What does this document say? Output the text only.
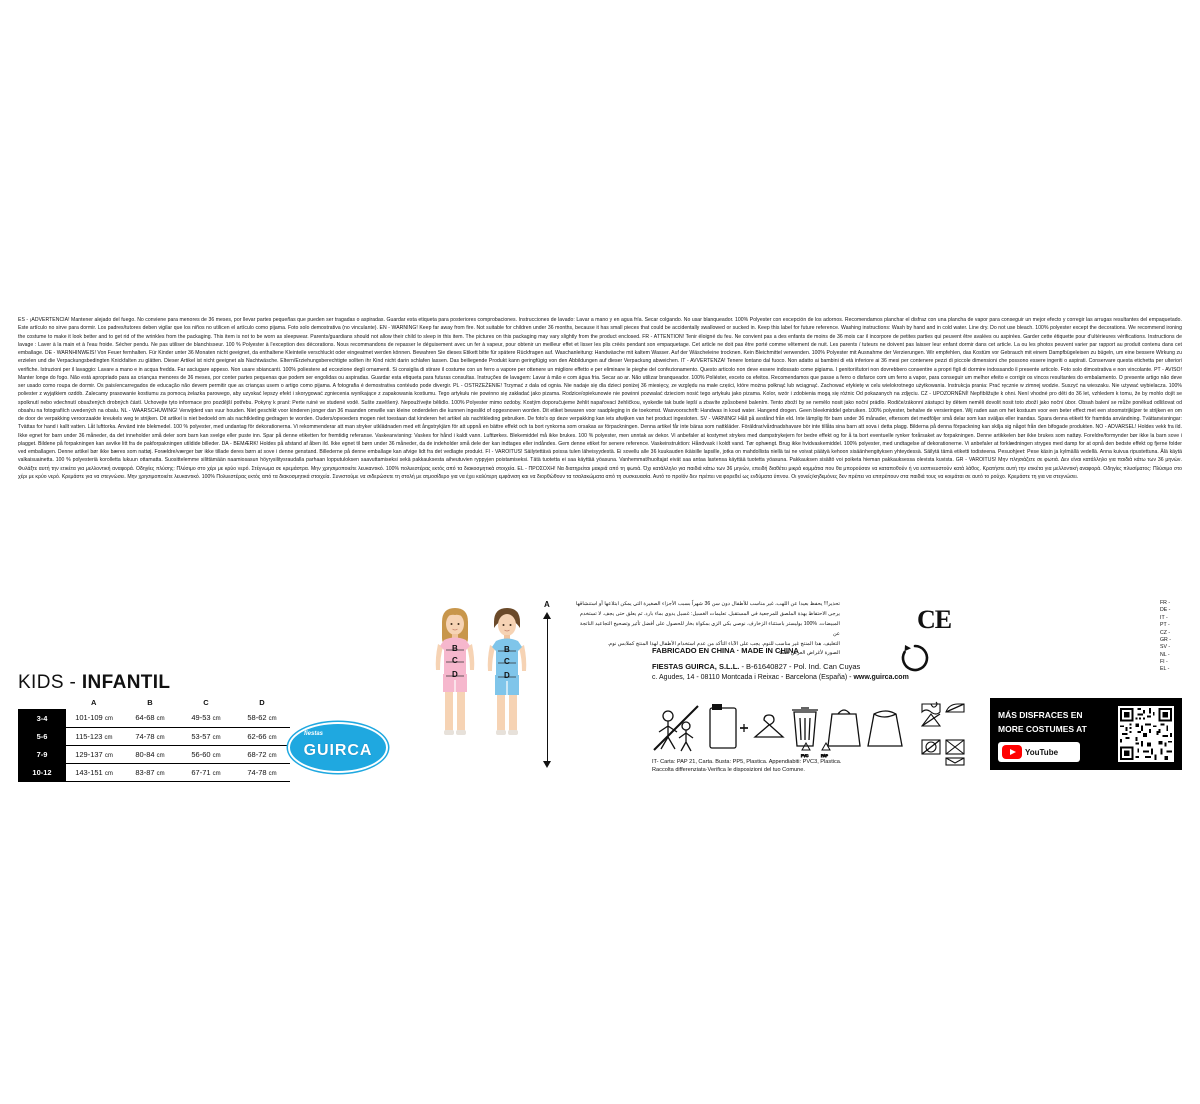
ES - ¡ADVERTENCIA! Mantener alejado del fuego. No conviene para menores de 36 meses, por llevar partes pequeñas que pueden ser tragadas o aspiradas. Guardar esta etiqueta para posteriores comprobaciones. Instrucciones de lavado: Lavar a mano y en agua fría. Secar colgando. No usar blanqueador. 100% Polyester con excepción de los adornos. Recomendamos planchar el disfraz con una plancha de vapor para conseguir un mejor efecto y corregir las arrugas resultantes del empaquetado. Este artículo no sirve para dormir. Los padres/tutores deben vigilar que los niños no utilicen el artículo como pijama. Foto solo demostrativa (no vinculante). EN - WARNING! Keep far away from fire. Not suitable for children under 36 months, because it has small pieces that could be accidentally swallowed or sucked in. Keep this label for future reference. Washing instructions: Wash by hand and in cold water. Line dry. Do not use bleach. 100% polyester except the decorations. We recommend ironing the costume to make it look better and to get rid of the wrinkles from the packaging. This item is not to be worn as sleepwear. Parents/guardians should not allow their child to sleep in this item. The pictures on this packaging may vary slightly from the product enclosed. FR - ATTENTION! Tenir éloigné du feu. Ne convient pas a des enfants de moins de 36 mois car il incorpore de petites parties qui peuvent être avalées ou aspirées. Garder cette étiquette pour d'ultérieures vérifications. Instructions de lavage : Laver à la main et à l'eau froide. Sécher pendu. Ne pas utiliser de blanchisseur. 100 % Polyester à l'exception des décorations. Nous recommandons de repasser le déguisement avec un fer à vapeur, pour obtenir un meilleur effet et lisser les plis créés pendant son empaquetage. Cet article ne doit pas être porté comme vêtement de nuit. Les parents / tuteurs ne doivent pas laisser leur enfant dormir dans cet article. La ou les photos peuvent varier par rapport au produit contenu dans cet emballage. DE - WARNHINWEIS! Von Feuer fernhalten. Für Kinder unter 36 Monaten nicht geeignet, da enthaltene Kleinteile verschluckt oder eingeatmet werden können. Bewahren Sie dieses Etikett bitte für spätere Rückfragen auf. Waschanleitung: Handwäsche mit kaltem Wasser. Auf der Wäscheleine trocknen. Kein Bleichmittel verwenden. 100% Polyester mit Ausnahme der Verzierungen. Wir empfehlen, das Kostüm vor Gebrauch mit einem Dampfbügeleisen zu bügeln, um eine bessere Wirkung zu erzielen und die Verpackungsbedingten Knickfalten zu glätten. Dieser Artikel ist nicht geeignet als Nachtwäsche. Eltern/Erziehungsberechtigte sollten ihr Kind nicht darin schlafen lassen. Das beiliegende Produkt kann geringfügig von den Abbildungen auf dieser Verpackung abweichen. IT - AVVERTENZA! Tenere lontano dal fuoco. Non adatto ai bambini di età inferiore ai 36 mesi per contenere pezzi di piccole dimensioni che possono essere ingeriti o aspirati. Conservare questa etichetta per ulteriori verifiche. Istruzioni per il lavaggio: Lavare a mano e in acqua fredda. Far asciugare appeso. Non usare sbiancanti. 100% poliestere ad eccezione degli ornamenti. Si consiglia di stirare il costume con un ferro a vapore per ottenere un migliore effetto e per eliminare le pieghe del confezionamento. Questo articolo non deve essere indossato come pigiama. I genitori/tutori non dovrebbero consentire a propri figli di dormire indossando il presente articolo. Foto solo dimostrativa e non vincolante. PT - AVISO! Manter longe do fogo. Não está apropriado para as crianças menores de 36 meses, por conter partes pequenas que podem ser engolidas ou aspiradas. Guardar esta etiqueta para futuras consultas. Instruções de lavagem: Lavar à mão e com água fria. Secar ao ar. Não utilizar branqueador. 100% Poliéster, exceto os efeitos. Recomendamos que passe a ferro o disfarce com um ferro a vapor, para conseguir um melhor efeito e corrigir os vincos resultantes do embalamento. O presente artigo não deve ser usado como roupa de dormir. Os pais/encarregados de educação não devem permitir que as crianças usem o artigo como pijama. A fotografia é demostrativa contéudo pode divergir. PL - OSTRZEŻENIE! Trzymać z dala od ognia. Nie nadaje się dla dzieci poniżej 36 miesięcy, ze względu na małe części, które można połknąć lub wciągnąć. Zachować etykietę w celu wielokrotnego użytkowania. Instrukcja prania: Prać ręcznie w zimnej wodzie. Suszyć na wieszaku. Nie używać wybielacza. 100% poliester z wyjątkiem ozdób. Zalecamy prasowanie kostiumu za pomocą żelazka parowego, aby uzyskać lepszy efekt i skorygować zgniecenia wynikające z zapakowania kostiumu. Tego artykułu nie powinno się zakładać jako pizama. Rodzice/opiekunowie nie powinni pozwalać dzieciom nosić tego artykułu jako pizama. Kolor, wzór i zdobienia mogą się różnic Od pokazanych na zdjęciu. CZ - UPOZORNĚNÍ! Nepřibližujte k ohni. Není vhodné pro děti do 36 let, vzhledem k tomu, že by mohlo dojít se spolknutí nebo vdechnutí obsažených drobných částí. Uchovejte tyto informace pro pozdější potřebu. Pokyny k praní: Perte ruiné ve studené vodě. Sušte zavěšený. Nepoužívejte bělidlo. 100% Polyester mimo ozdoby. Kostým doporučujeme žehlit napařovací žehličkou, vyskedie tak bude lepší a zbavíte způsobené balením. Tento zboží by se nemělo nosit jako noční prádlo. Rodiče/zákonní zástupci by dětem neměli dovolit nosit toto zboží jako noční úbor. Obsah balení se může poněkud odlišovat od obsahu na fotografiích uvedených na obalu. NL - WAARSCHUWING! Verwijderd van vuur houden. Niet geschikt voor kinderen jonger dan 36 maanden omwille van kleine onderdelen die kunnen ingeslikt of opgesnoven worden. Dit etiket bewaren voor raadpleging in de toekomst. Wasvoorschrift: Handwas in koud water. Hangend drogen. Geen bleekmiddel gebruiken. 100% polyester, behalve de versieringen. Wij raden aan om het kostuum voor een beter effect met een stoomstrijkijzer te strijken en om de door de verpakking veroorzaakte kreukels weg te strijken. Dit artikel is niet bedoeld om als nachtkleding gedragen te worden. Ouders/opvoeders mogen niet toestaan dat kinderen het artikel als nachtkleding gebruiken. De foto's op deze verpakking kan iets afwijken van het product ingesloten. SV - VARNING! Håll på avstånd från eld. Inte lämplig för barn under 36 månader, eftersom det medföljer små delar som kan sväljas eller inandas. Spara denna etikett för framtida användning. Tvättanvisningar: Tvättas for hand i kallt vatten. Låt lufttorka. Använd inte blekmedel. 100 % polyester, med undantag för dekorationerna. Vi rekommenderar att man stryker utklädnaden med ett ångstrykjärn för att uppnå en bättre effekt och ta bort rynkorna som orsakas av förpackningen. Denna artikel får inte bäras som nattkläder. Föräldrar/vårdnadshavare bör inte tillåta sina barn att sova i detta plagg. Bilderna på denna förpackning kan skilja sig något från den bifogade produkten. NO - ADVARSEL! Holdes vekk fra ild. Ikke egnet for barn under 36 måneder, da det inneholder små deler som barn kan svelge eller puste inn. Spar på denne etiketten for fremtidig referanse. Vaskeanvisning: Vaskes for hånd i kaldt vann. Lufttørkes. Blekemiddel må ikke brukes. 100 % polyester, men unntak av dekor. Vi anbefaler at kostymet strykes med dampstrykejern for bedre effekt og for å ta bort eventuelle rynker forårsaket av forpakningen. Denne artikkelen bør ikke brukes som nattøy. Foreldre/formynder bør ikke la barn sove i plagget. Bildene på forpakningen kan avvike litt fra de pakforpakningen utildide billeder. DA - BEMÆRK! Holdes på afstand af åben ild. Ikke egnet til børn under 36 måneder, da de indeholder små dele der kan indtages eller indåndes. Gem denne etiket for senere reference. Vaskeinstruktion: Håndvask i koldt vand. Tør ophængt. Brug ikke hvidvaskemiddel. 100% polyester, med undtagelse af dekorationerne. Vi anbefaler at forklædningen stryges med damp for at opnå den bedste effekt og fjerne folder ved emballagen. Denne artikel bør ikke bæres som nattøj. Forældre/værger bør ikke tillade deres børn at sove i denne genstand. Billederne på denne emballage kan afvige lidt fra det vedlagte produkt. FI - VAROITUS! Säilytettävä poissa tulen läheisyydestä. Ei sovellu alle 36 kuukauden ikäisille lapsille, jotka on mahdollista niellä tai ne voivat päätyä kehoon sisäänhengityksen yhteydessä. Säilytä tämä etiketti todisteena. Pesuohjeet: Pese käsin ja kylmällä vedellä. Anna kuivua ripustettuna. Älä käytä valkaisuainetta. 100 % polyesteriä korolletta lukuun ottamatta. Suosittelemme silittämään naamiosasun höyrysilitysraudalla parhaan lopputuloksen saavuttamiseksi sekä pakkauksesta aiheutuvien ryppyjen poistamiseksi. Tätä tuotetta ei saa käyttää yöasuna. Vanhemmat/huoltajat eivät saa antaa lastensa käyttää tuotetta yöasuna. Pakkauksen sisältö voi poiketa hieman pakkauksessa olevista kuvista. GR - VAROITUS! Μην πλησιάζετε σε φωτιά. Δεν είναι κατάλληλο για παιδιά κάτω των 36 μηνών. Φυλάξτε αυτή την ετικέτα για μελλοντική αναφορά. Οδηγίες πλύσης: Πλύσιμο στο χέρι με κρύο νερό. Στέγνωμα σε κρεμάστρα. Μην χρησιμοποιείτε λευκαντικό. 100% πολυεστέρας εκτός από τα διακοσμητικά στοιχεία. EL - ΠΡΟΣΟΧΗ! Να διατηρείται μακριά από τη φωτιά. Όχι κατάλληλο για παιδιά κάτω των 36 μηνών, επειδή διαθέτει μικρά κομμάτια που θα μπορούσαν να καταποθούν ή να εισπνευστούν κατά λάθος. Κρατήστε αυτή την ετικέτα για μελλοντική αναφορά. Οδηγίες πλυσίματος: Πλύσιμο στο χέρι με κρύο νερό. Κρεμάστε για να στεγνώσει. Μην χρησιμοποιείτε λευκαντικό. 100% Πολυεστέρας εκτός από τα διακοσμητικά στοιχεία. Συνιστούμε να σιδερώσετε τη στολή με ατμοσίδερο για να έχει καλύτερη εμφάνιση και να διορθώθουν τα τσαλακώματα από τη συσκευασία. Αυτό το προϊόν δεν πρέπει να φορεθεί ως ενδύματα ύπνου. Οι γονείς/κηδεμόνες δεν πρέπει να επιτρέπουν στα παιδιά τους να κοιμάται σε αυτό το ρούχο. Κρεμάστε τη για να στεγνώσει.
تحذير!!! يحفظ بعيدا عن اللهب، غير مناسب للأطفال دون سن 36 شهراً بسبب الأجزاء الصغيرة التي يمكن ابتلاعها أو استنشاقها
يرجى الاحتفاظ بهذة الملصق للمرجعية في المستقبل. تعليمات الغسيل: غسيل يدوي بماء بارد. ثم يعلق حتى يجف. لا تستخدم
المبيضات. %100 بوليستر باستثناء الزخارف. نوصي بكي الزي بمكواة بخار للحصول على أفضل تأثير وتصحيح التجاعيد الناتجة عن
التغليف. هذا المنتج غير مناسب للنوم. يجب على الآباء التأكد من عدم استخدام الأطفال لهذا المنتج كملابس نوم.
الصورة لأغراض العرض فقط
KIDS - INFANTIL
	A	B	C	D
3-4	101-109 cm	64-68 cm	49-53 cm	58-62 cm
5-6	115-123 cm	74-78 cm	53-57 cm	62-66 cm
7-9	129-137 cm	80-84 cm	56-60 cm	68-72 cm
10-12	143-151 cm	83-87 cm	67-71 cm	74-78 cm
fiestas
GUIRCA
B
C
D
B
C
D
A
FABRICADO EN CHINA · MADE IN CHINA
FIESTAS GUIRCA, S.L.L. - B-61640827 - Pol. Ind. Can Cuyas
c. Agudes, 14 - 08110 Montcada i Reixac - Barcelona (España) - www.guirca.com
CE
FR -
DE -
IT -
PT -
CZ -
GR -
SV -
NL -
FI -
EL -
F8
PVC	PAP
IT- Carta: PAP 21, Carta. Busta: PP5, Plastica. Appendiabiti: PVC3, Plastica.
Raccolta differenziata·Verifica le disposizioni del tuo Comune.
MÁS DISFRACES EN
MORE COSTUMES AT
YouTube
